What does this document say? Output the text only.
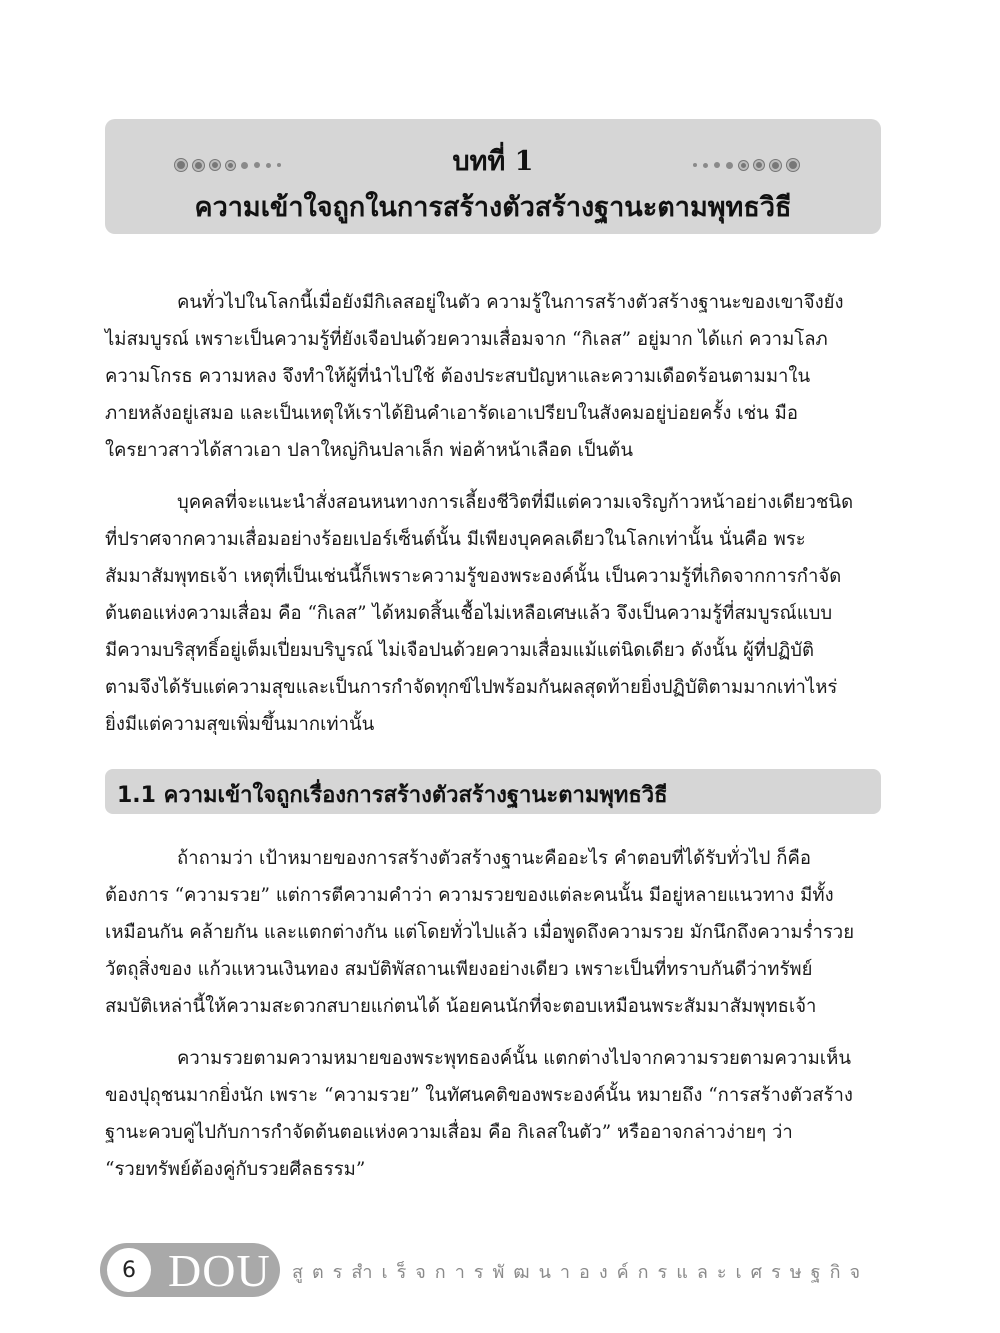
บทที่ 1
ความเข้าใจถูกในการสร้างตัวสร้างฐานะตามพุทธวิธี

คนทั่วไปในโลกนี้เมื่อยังมีกิเลสอยู่ในตัว ความรู้ในการสร้างตัวสร้างฐานะของเขาจึงยัง
ไม่สมบูรณ์ เพราะเป็นความรู้ที่ยังเจือปนด้วยความเสื่อมจาก “กิเลส” อยู่มาก ได้แก่ ความโลภ
ความโกรธ ความหลง จึงทำให้ผู้ที่นำไปใช้ ต้องประสบปัญหาและความเดือดร้อนตามมาใน
ภายหลังอยู่เสมอ และเป็นเหตุให้เราได้ยินคำเอารัดเอาเปรียบในสังคมอยู่บ่อยครั้ง เช่น มือ
ใครยาวสาวได้สาวเอา ปลาใหญ่กินปลาเล็ก พ่อค้าหน้าเลือด เป็นต้น

บุคคลที่จะแนะนำสั่งสอนหนทางการเลี้ยงชีวิตที่มีแต่ความเจริญก้าวหน้าอย่างเดียวชนิด
ที่ปราศจากความเสื่อมอย่างร้อยเปอร์เซ็นต์นั้น มีเพียงบุคคลเดียวในโลกเท่านั้น นั่นคือ พระ
สัมมาสัมพุทธเจ้า เหตุที่เป็นเช่นนี้ก็เพราะความรู้ของพระองค์นั้น เป็นความรู้ที่เกิดจากการกำจัด
ต้นตอแห่งความเสื่อม คือ “กิเลส” ได้หมดสิ้นเชื้อไม่เหลือเศษแล้ว จึงเป็นความรู้ที่สมบูรณ์แบบ
มีความบริสุทธิ์อยู่เต็มเปี่ยมบริบูรณ์ ไม่เจือปนด้วยความเสื่อมแม้แต่นิดเดียว ดังนั้น ผู้ที่ปฏิบัติ
ตามจึงได้รับแต่ความสุขและเป็นการกำจัดทุกข์ไปพร้อมกันผลสุดท้ายยิ่งปฏิบัติตามมากเท่าไหร่
ยิ่งมีแต่ความสุขเพิ่มขึ้นมากเท่านั้น

1.1 ความเข้าใจถูกเรื่องการสร้างตัวสร้างฐานะตามพุทธวิธี

ถ้าถามว่า เป้าหมายของการสร้างตัวสร้างฐานะคืออะไร คำตอบที่ได้รับทั่วไป ก็คือ
ต้องการ “ความรวย” แต่การตีความคำว่า ความรวยของแต่ละคนนั้น มีอยู่หลายแนวทาง มีทั้ง
เหมือนกัน คล้ายกัน และแตกต่างกัน แต่โดยทั่วไปแล้ว เมื่อพูดถึงความรวย มักนึกถึงความร่ำรวย
วัตถุสิ่งของ แก้วแหวนเงินทอง สมบัติพัสถานเพียงอย่างเดียว เพราะเป็นที่ทราบกันดีว่าทรัพย์
สมบัติเหล่านี้ให้ความสะดวกสบายแก่ตนได้ น้อยคนนักที่จะตอบเหมือนพระสัมมาสัมพุทธเจ้า

ความรวยตามความหมายของพระพุทธองค์นั้น แตกต่างไปจากความรวยตามความเห็น
ของปุถุชนมากยิ่งนัก เพราะ “ความรวย” ในทัศนคติของพระองค์นั้น หมายถึง “การสร้างตัวสร้าง
ฐานะควบคู่ไปกับการกำจัดต้นตอแห่งความเสื่อม คือ กิเลสในตัว” หรืออาจกล่าวง่ายๆ ว่า
“รวยทรัพย์ต้องคู่กับรวยศีลธรรม”

6 DOU สูตรสำเร็จการพัฒนาองค์กรและเศรษฐกิจ
